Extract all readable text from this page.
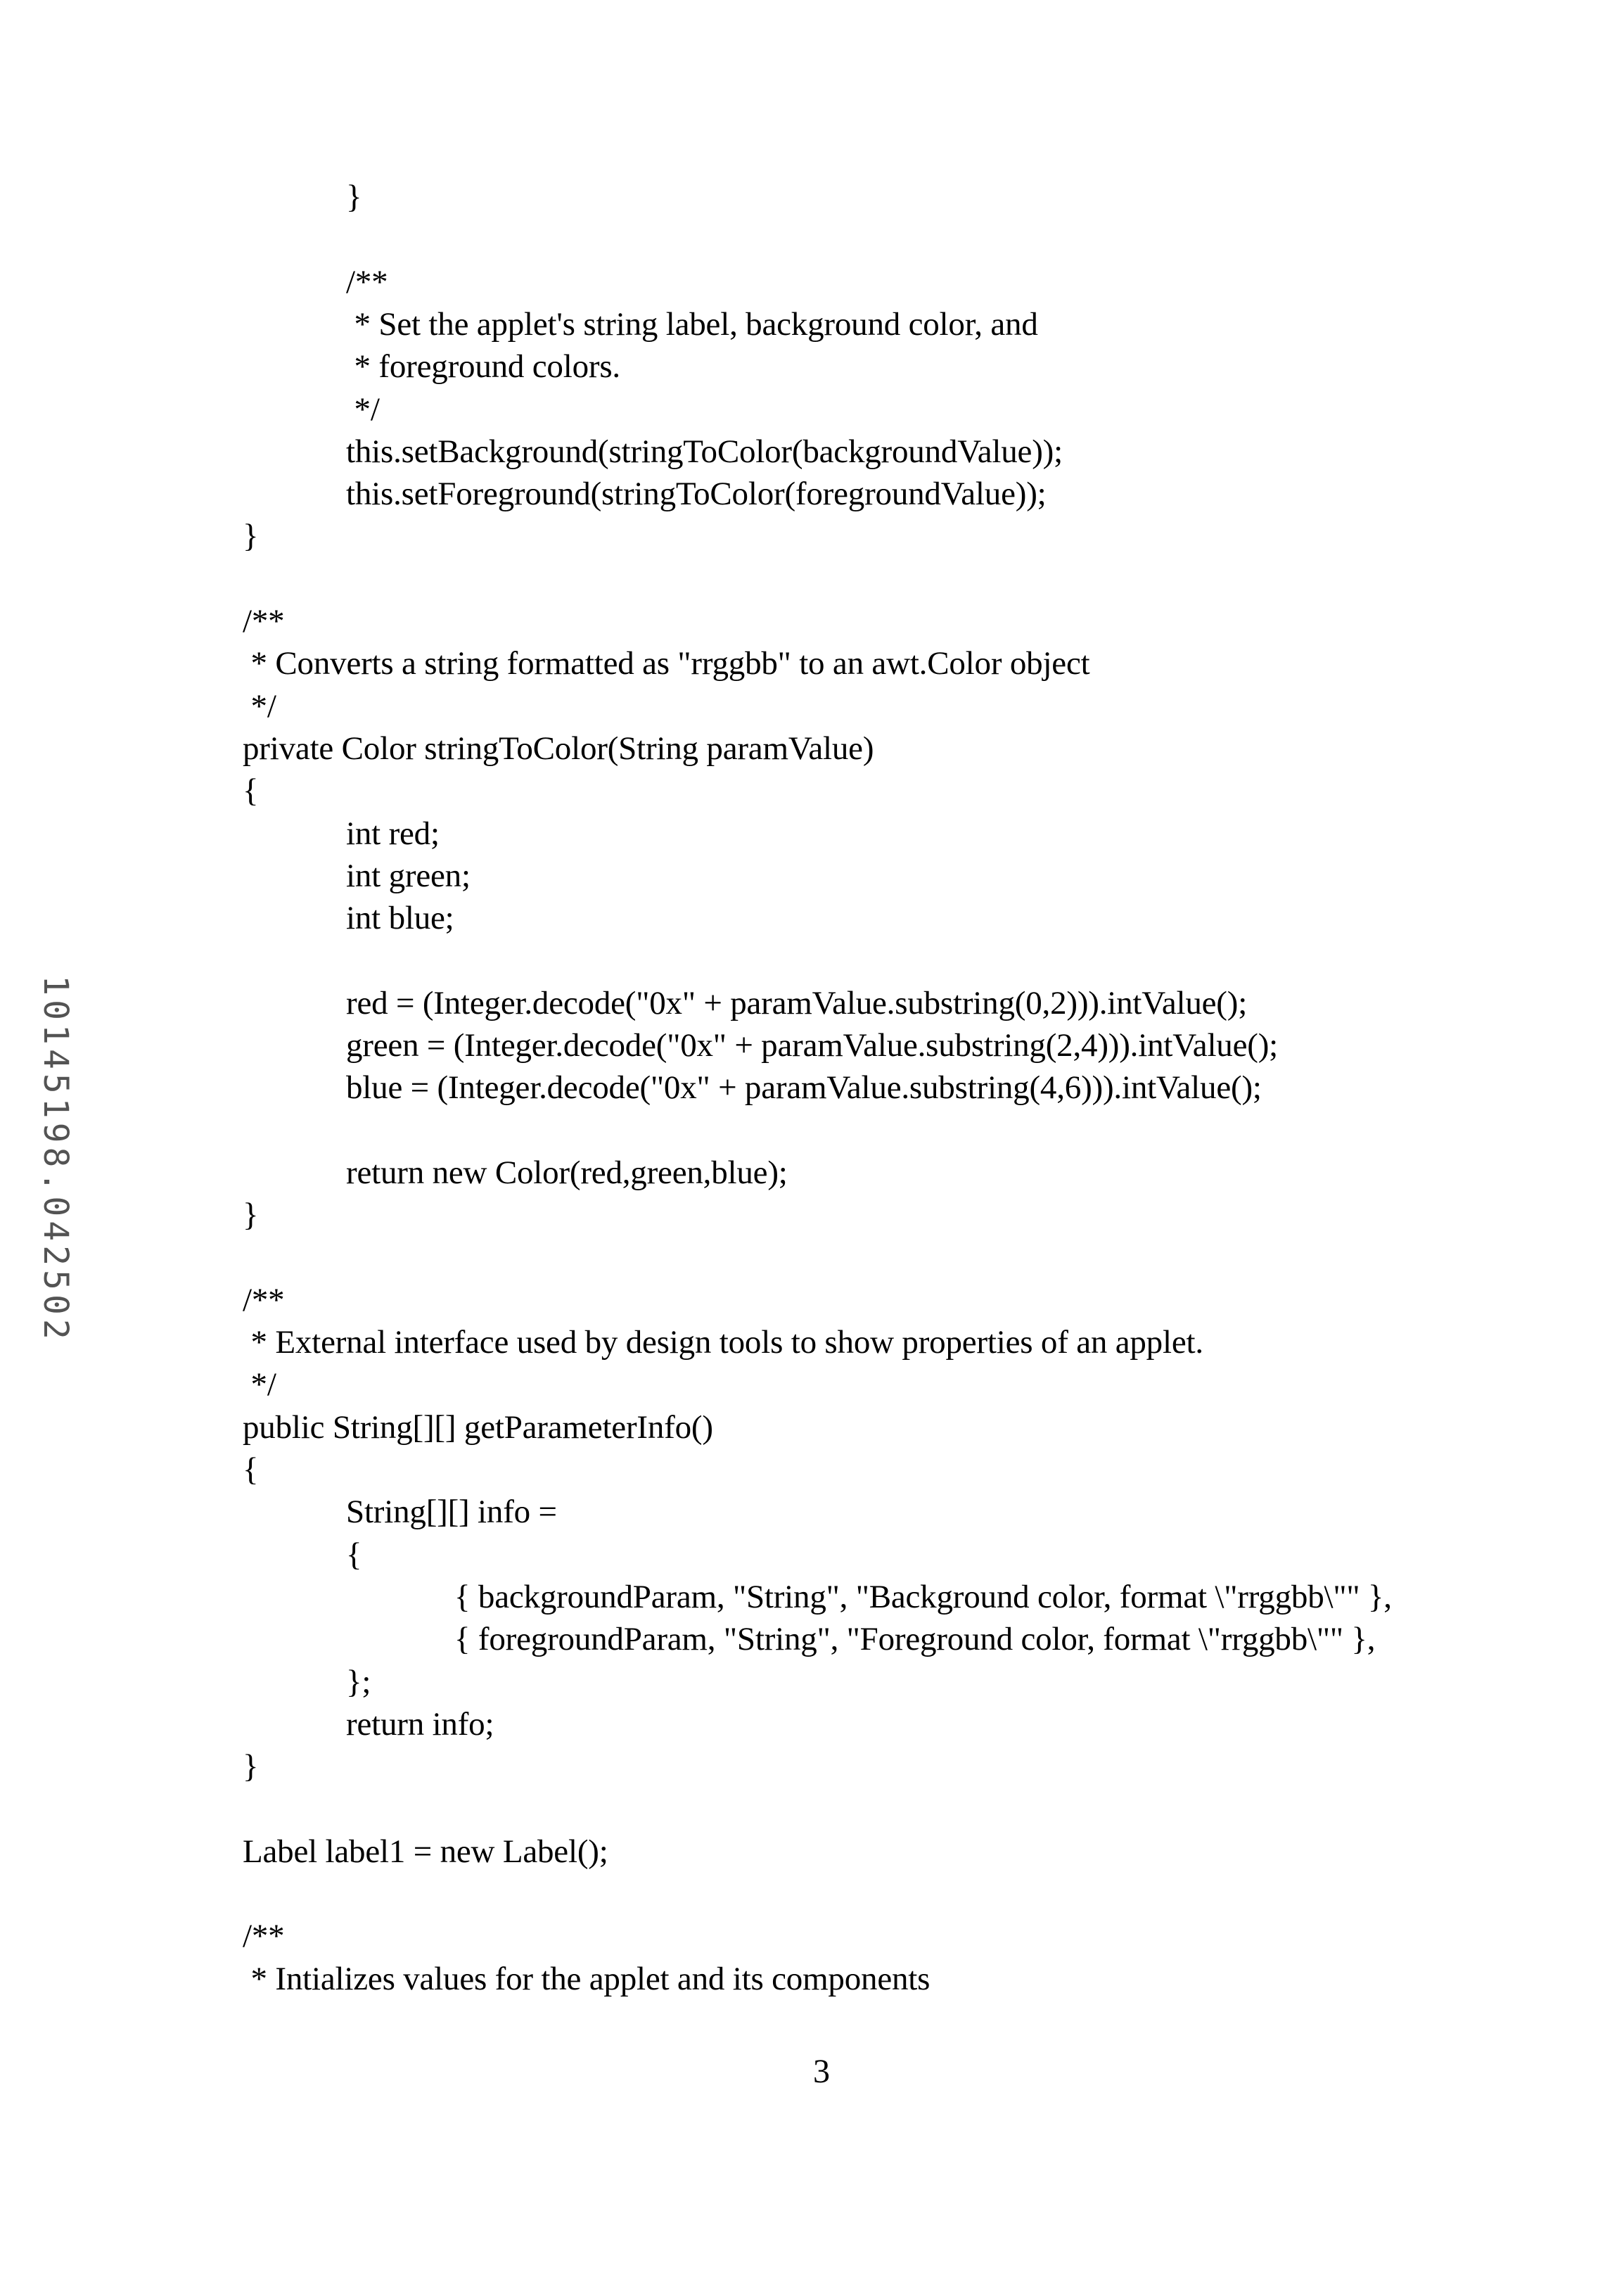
10145198.042502
}
/**
* Set the applet's string label, background color, and
* foreground colors.
*/
this.setBackground(stringToColor(backgroundValue));
this.setForeground(stringToColor(foregroundValue));
}
/**
* Converts a string formatted as "rrggbb" to an awt.Color object
*/
private Color stringToColor(String paramValue)
{
int red;
int green;
int blue;
red = (Integer.decode("0x" + paramValue.substring(0,2))).intValue();
green = (Integer.decode("0x" + paramValue.substring(2,4))).intValue();
blue = (Integer.decode("0x" + paramValue.substring(4,6))).intValue();
return new Color(red,green,blue);
}
/**
* External interface used by design tools to show properties of an applet.
*/
public String[][] getParameterInfo()
{
String[][] info =
{
{ backgroundParam, "String", "Background color, format \"rrggbb\"" },
{ foregroundParam, "String", "Foreground color, format \"rrggbb\"" },
};
return info;
}
Label label1 = new Label();
/**
* Intializes values for the applet and its components
3
